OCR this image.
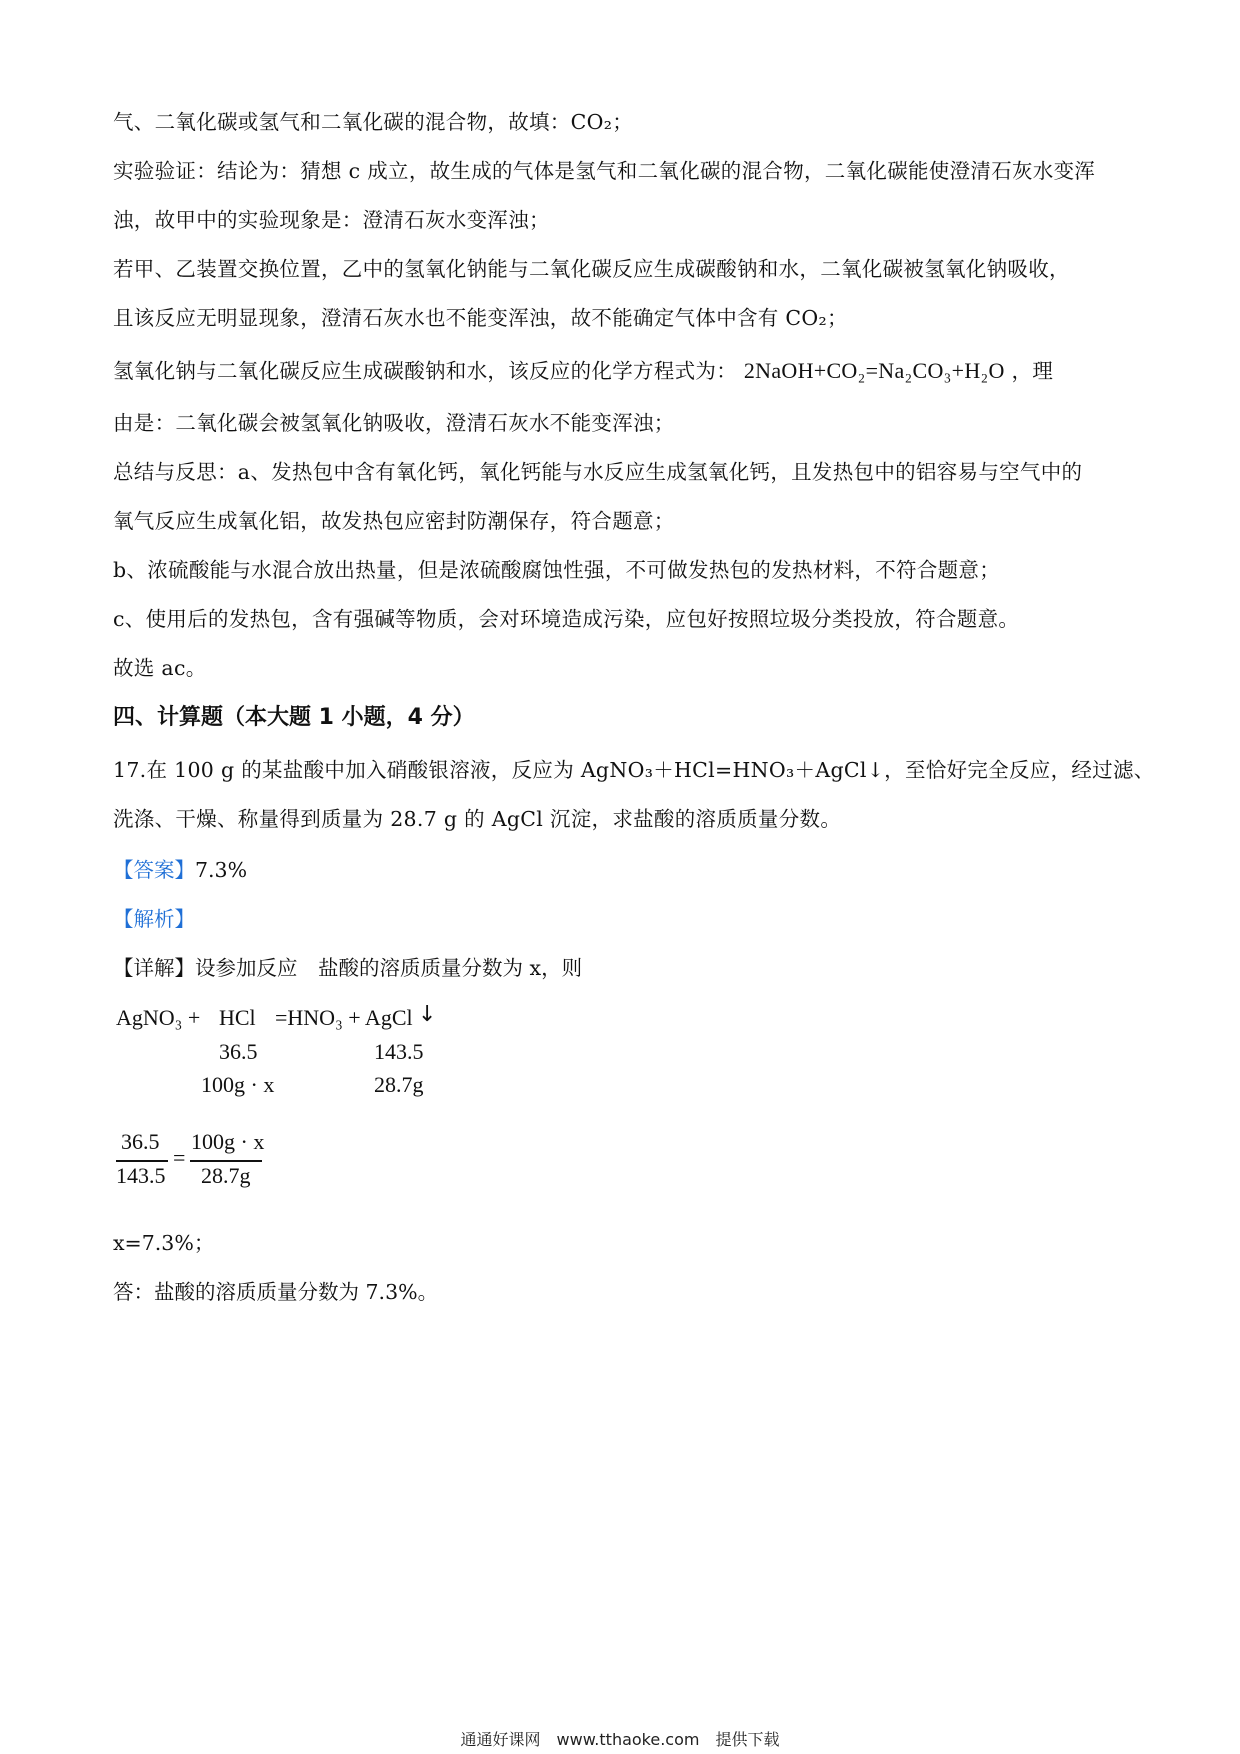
气、二氧化碳或氢气和二氧化碳的混合物，故填：CO₂；
实验验证：结论为：猜想 c 成立，故生成的气体是氢气和二氧化碳的混合物，二氧化碳能使澄清石灰水变浑
浊，故甲中的实验现象是：澄清石灰水变浑浊；
若甲、乙装置交换位置，乙中的氢氧化钠能与二氧化碳反应生成碳酸钠和水，二氧化碳被氢氧化钠吸收，
且该反应无明显现象，澄清石灰水也不能变浑浊，故不能确定气体中含有 CO₂；
氢氧化钠与二氧化碳反应生成碳酸钠和水，该反应的化学方程式为： 2NaOH+CO₂=Na₂CO₃+H₂O ，理
由是：二氧化碳会被氢氧化钠吸收，澄清石灰水不能变浑浊；
总结与反思：a、发热包中含有氧化钙，氧化钙能与水反应生成氢氧化钙，且发热包中的铝容易与空气中的
氧气反应生成氧化铝，故发热包应密封防潮保存，符合题意；
b、浓硫酸能与水混合放出热量，但是浓硫酸腐蚀性强，不可做发热包的发热材料，不符合题意；
c、使用后的发热包，含有强碱等物质，会对环境造成污染，应包好按照垃圾分类投放，符合题意。
故选 ac。
四、计算题（本大题 1 小题，4 分）
17.在 100 g 的某盐酸中加入硝酸银溶液，反应为 AgNO₃＋HCl=HNO₃＋AgCl↓，至恰好完全反应，经过滤、
洗涤、干燥、称量得到质量为 28.7 g 的 AgCl 沉淀，求盐酸的溶质质量分数。
【答案】7.3%
【解析】
【详解】设参加反应　盐酸的溶质质量分数为 x，则
AgNO₃ + HCl =HNO₃ + AgCl ↓
36.5	143.5
100g · x	28.7g
36.5
143.5
=
100g · x
28.7g
x=7.3%；
答：盐酸的溶质质量分数为 7.3%。
通通好课网　www.tthaoke.com　提供下载
